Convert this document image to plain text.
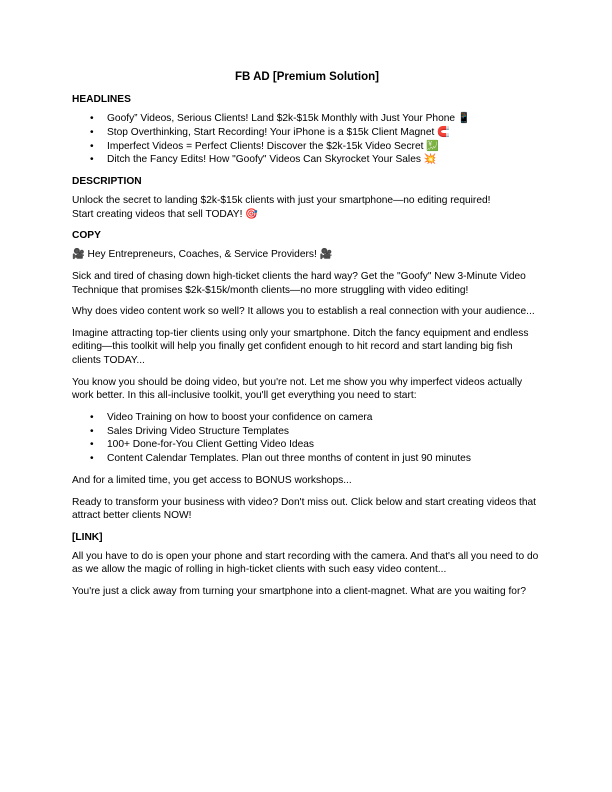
FB AD [Premium Solution]
HEADLINES
• Goofy” Videos, Serious Clients! Land $2k-$15k Monthly with Just Your Phone 📱
• Stop Overthinking, Start Recording! Your iPhone is a $15k Client Magnet 🧲
• Imperfect Videos = Perfect Clients! Discover the $2k-15k Video Secret 💹
• Ditch the Fancy Edits! How "Goofy" Videos Can Skyrocket Your Sales 💥
DESCRIPTION
Unlock the secret to landing $2k-$15k clients with just your smartphone—no editing required!
Start creating videos that sell TODAY! 🎯
COPY
🎥 Hey Entrepreneurs, Coaches, & Service Providers! 🎥
Sick and tired of chasing down high-ticket clients the hard way? Get the "Goofy" New 3-Minute Video Technique that promises $2k-$15k/month clients—no more struggling with video editing!
Why does video content work so well? It allows you to establish a real connection with your audience...
Imagine attracting top-tier clients using only your smartphone. Ditch the fancy equipment and endless editing—this toolkit will help you finally get confident enough to hit record and start landing big fish clients TODAY...
You know you should be doing video, but you're not. Let me show you why imperfect videos actually work better. In this all-inclusive toolkit, you'll get everything you need to start:
• Video Training on how to boost your confidence on camera
• Sales Driving Video Structure Templates
• 100+ Done-for-You Client Getting Video Ideas
• Content Calendar Templates. Plan out three months of content in just 90 minutes
And for a limited time, you get access to BONUS workshops...
Ready to transform your business with video? Don't miss out. Click below and start creating videos that attract better clients NOW!
[LINK]
All you have to do is open your phone and start recording with the camera. And that's all you need to do as we allow the magic of rolling in high-ticket clients with such easy video content...
You're just a click away from turning your smartphone into a client-magnet. What are you waiting for?
